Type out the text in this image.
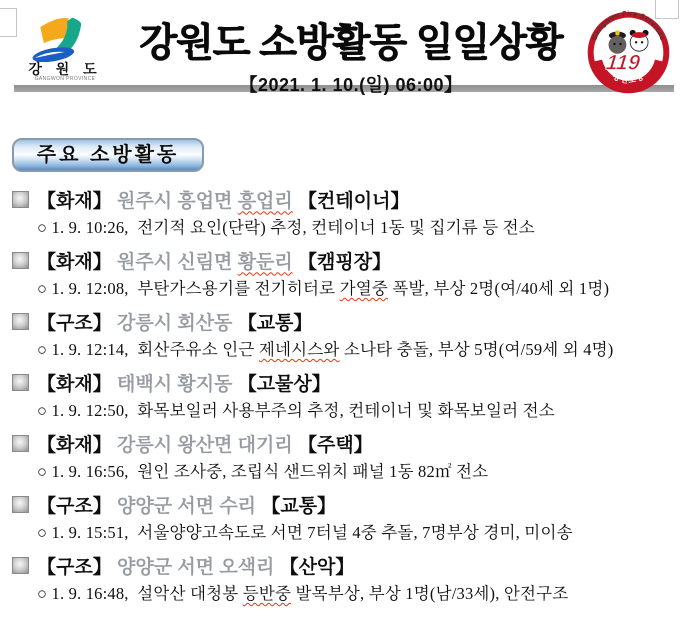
강 원 도
GANGWON PROVINCE
강원도 소방활동 일일상황
【2021. 1. 10.(일) 06:00】
Gangwon Fire Services
119
강원소방
주요 소방활동
【화재】 원주시 흥업면 흥업리
【컨테이너】
○ 1. 9. 10:26,  전기적 요인(단락) 추정, 컨테이너 1동 및 집기류 등 전소
【화재】 원주시 신림면 황둔리
【캠핑장】
○ 1. 9. 12:08,  부탄가스용기를 전기히터로 가열중 폭발, 부상 2명(여/40세 외 1명)
【구조】 강릉시 회산동 【교통】
○ 1. 9. 12:14,  회산주유소 인근 제네시스와 소나타 충돌, 부상 5명(여/59세 외 4명)
【화재】 태백시 황지동 【고물상】
○ 1. 9. 12:50,  화목보일러 사용부주의 추정, 컨테이너 및 화목보일러 전소
【화재】 강릉시 왕산면 대기리 【주택】
○ 1. 9. 16:56,  원인 조사중, 조립식 샌드위치 패널 1동 82㎡ 전소
【구조】 양양군 서면 수리 【교통】
○ 1. 9. 15:51,  서울양양고속도로 서면 7터널 4중 추돌, 7명부상 경미, 미이송
【구조】 양양군 서면 오색리 【산악】
○ 1. 9. 16:48,  설악산 대청봉 등반중 발목부상, 부상 1명(남/33세), 안전구조
